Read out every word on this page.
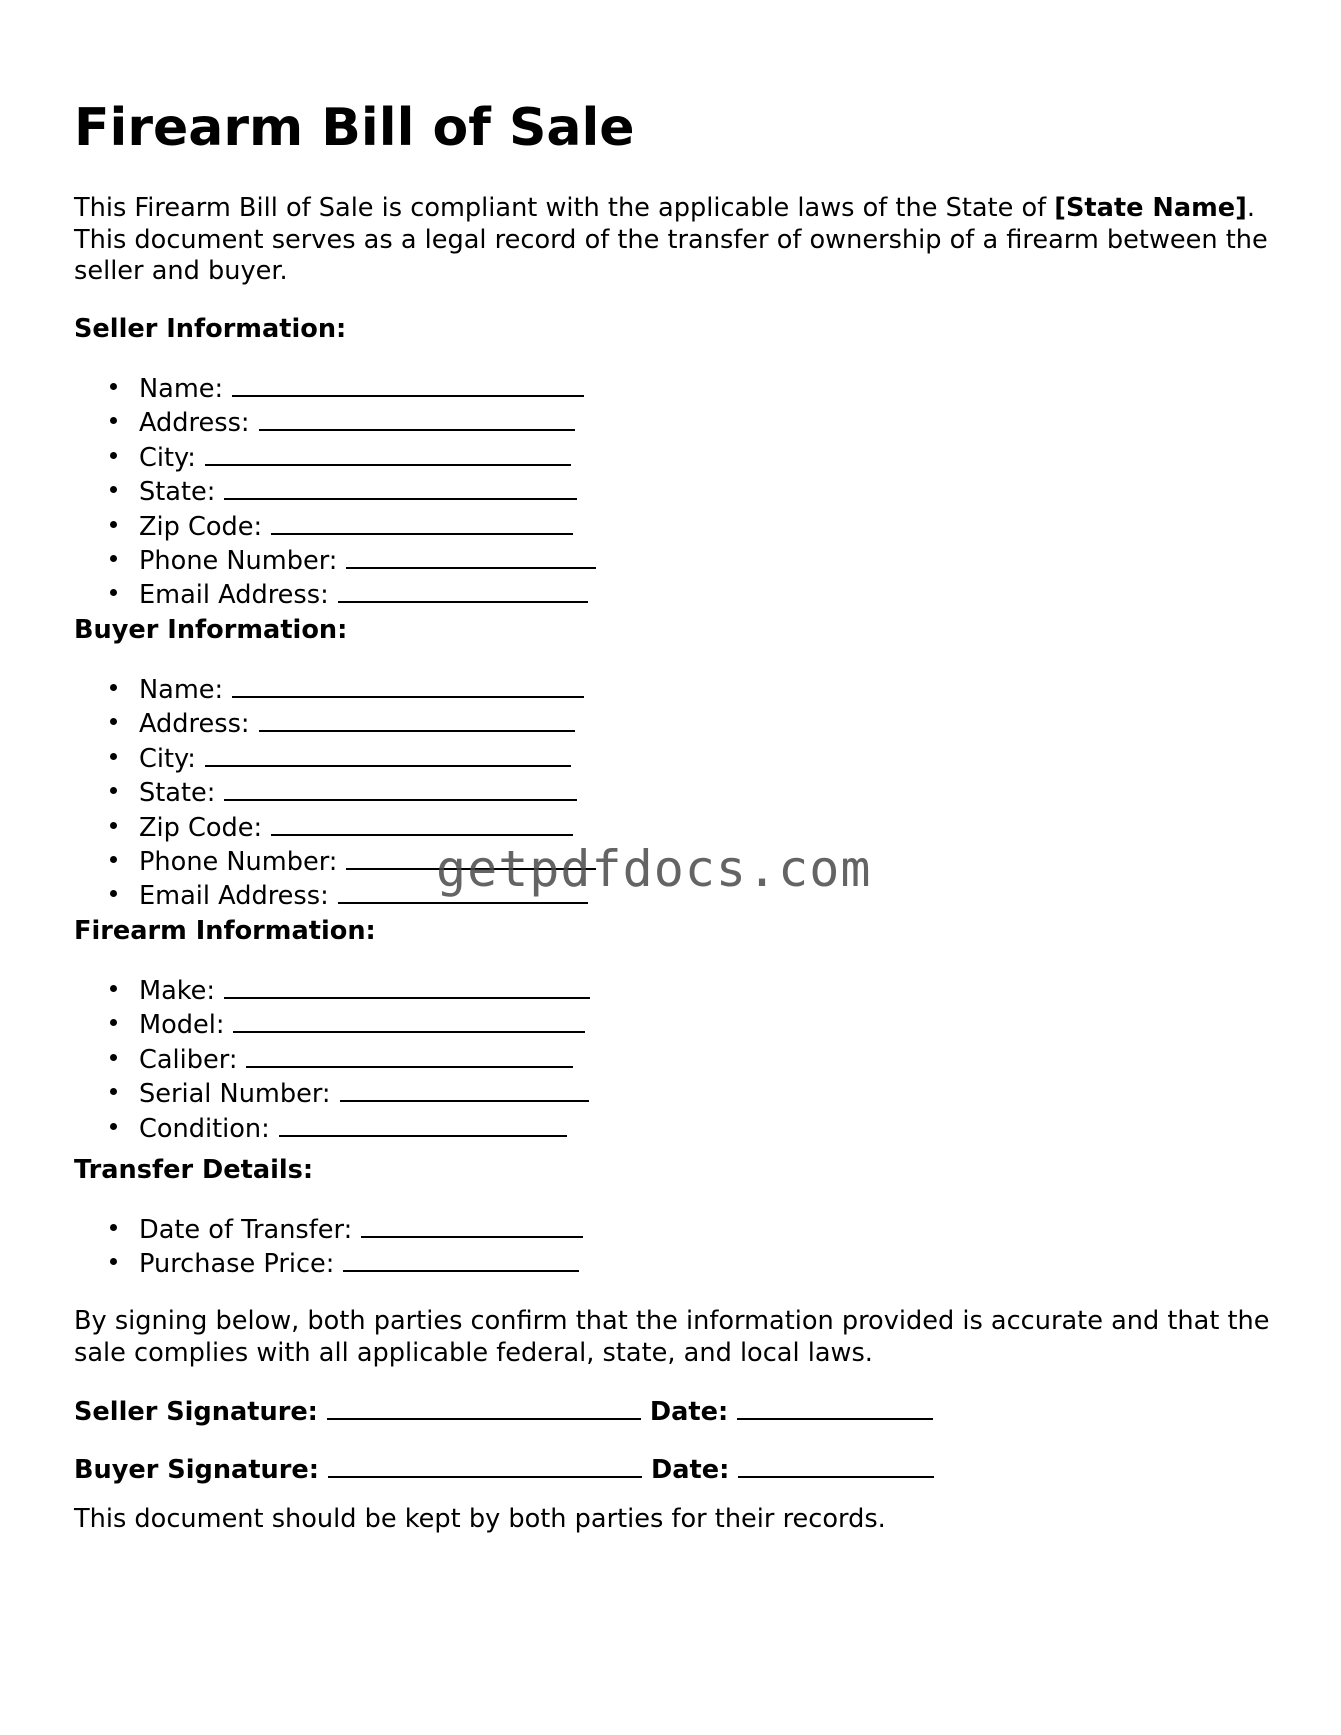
Firearm Bill of Sale

This Firearm Bill of Sale is compliant with the applicable laws of the State of [State Name]. This document serves as a legal record of the transfer of ownership of a firearm between the seller and buyer.

Seller Information:
Name:
Address:
City:
State:
Zip Code:
Phone Number:
Email Address:
Buyer Information:
Name:
Address:
City:
State:
Zip Code:
Phone Number:
Email Address:
Firearm Information:
Make:
Model:
Caliber:
Serial Number:
Condition:
Transfer Details:
Date of Transfer:
Purchase Price:

By signing below, both parties confirm that the information provided is accurate and that the sale complies with all applicable federal, state, and local laws.

Seller Signature:	Date:
Buyer Signature:	Date:

This document should be kept by both parties for their records.

getpdfdocs.com
